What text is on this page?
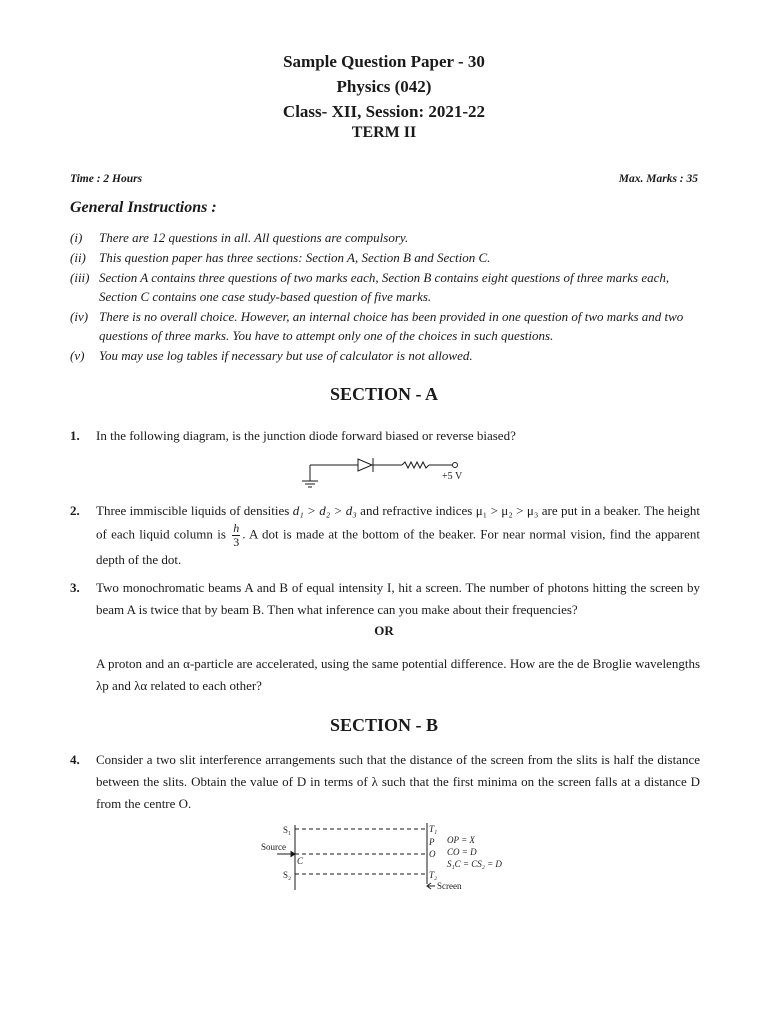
Sample Question Paper - 30
Physics (042)
Class- XII, Session: 2021-22
TERM II
Time : 2 Hours	Max. Marks : 35
General Instructions :
(i) There are 12 questions in all. All questions are compulsory.
(ii) This question paper has three sections: Section A, Section B and Section C.
(iii) Section A contains three questions of two marks each, Section B contains eight questions of three marks each, Section C contains one case study-based question of five marks.
(iv) There is no overall choice. However, an internal choice has been provided in one question of two marks and two questions of three marks. You have to attempt only one of the choices in such questions.
(v) You may use log tables if necessary but use of calculator is not allowed.
SECTION - A
1. In the following diagram, is the junction diode forward biased or reverse biased?
+5 V
2. Three immiscible liquids of densities d₁ > d₂ > d₃ and refractive indices μ₁ > μ₂ > μ₃ are put in a beaker. The height of each liquid column is $\frac{h}{3}$ . A dot is made at the bottom of the beaker. For near normal vision, find the apparent depth of the dot.
3. Two monochromatic beams A and B of equal intensity I, hit a screen. The number of photons hitting the screen by beam A is twice that by beam B. Then what inference can you make about their frequencies?
OR
A proton and an α-particle are accelerated, using the same potential difference. How are the de Broglie wavelengths λp and λα related to each other?
SECTION - B
4. Consider a two slit interference arrangements such that the distance of the screen from the slits is half the distance between the slits. Obtain the value of D in terms of λ such that the first minima on the screen falls at a distance D from the centre O.
S₁
Source
C
S₂
T₁
P
O
T₂
Screen
OP = X
CO = D
S₁C = CS₂ = D
